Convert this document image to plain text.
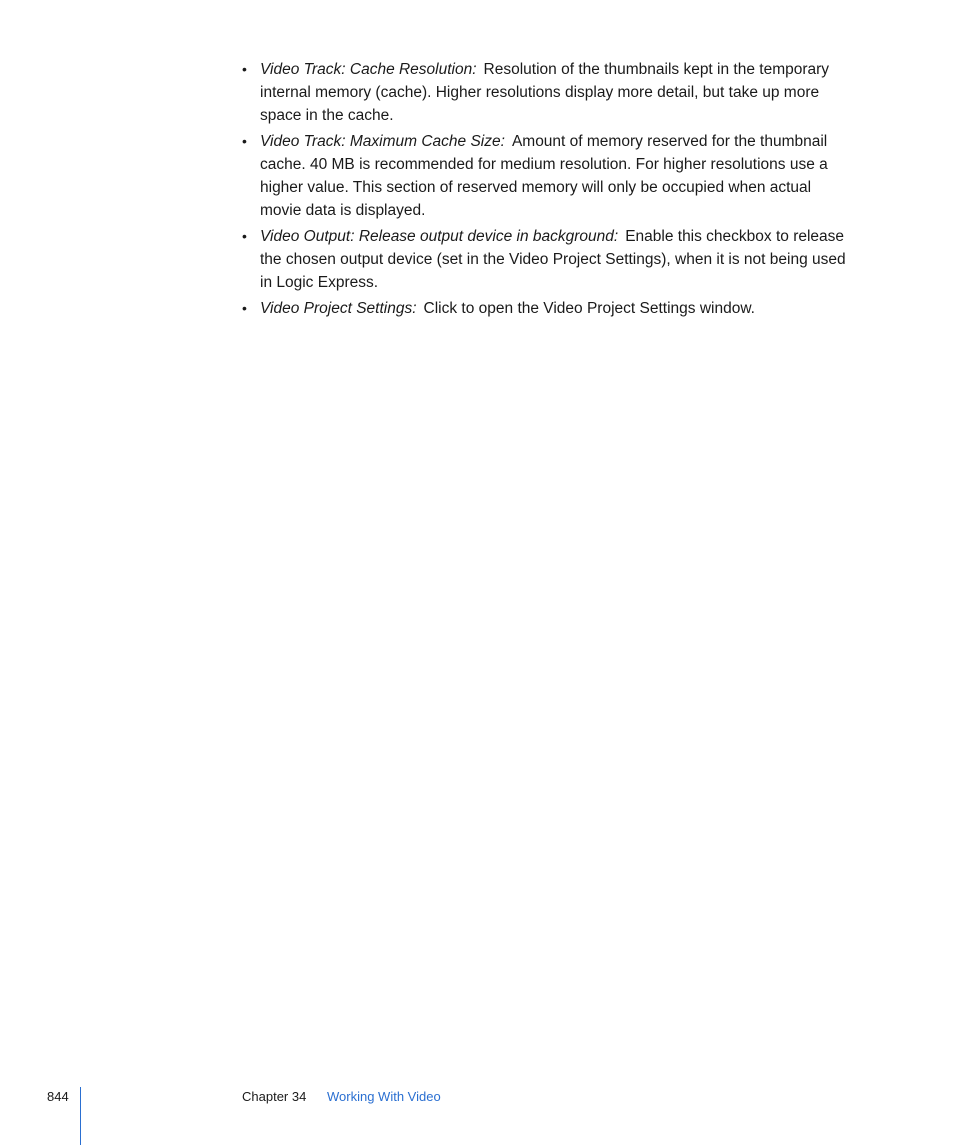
• Video Track: Cache Resolution: Resolution of the thumbnails kept in the temporary internal memory (cache). Higher resolutions display more detail, but take up more space in the cache.
• Video Track: Maximum Cache Size: Amount of memory reserved for the thumbnail cache. 40 MB is recommended for medium resolution. For higher resolutions use a higher value. This section of reserved memory will only be occupied when actual movie data is displayed.
• Video Output: Release output device in background: Enable this checkbox to release the chosen output device (set in the Video Project Settings), when it is not being used in Logic Express.
• Video Project Settings: Click to open the Video Project Settings window.
844	Chapter 34 Working With Video
